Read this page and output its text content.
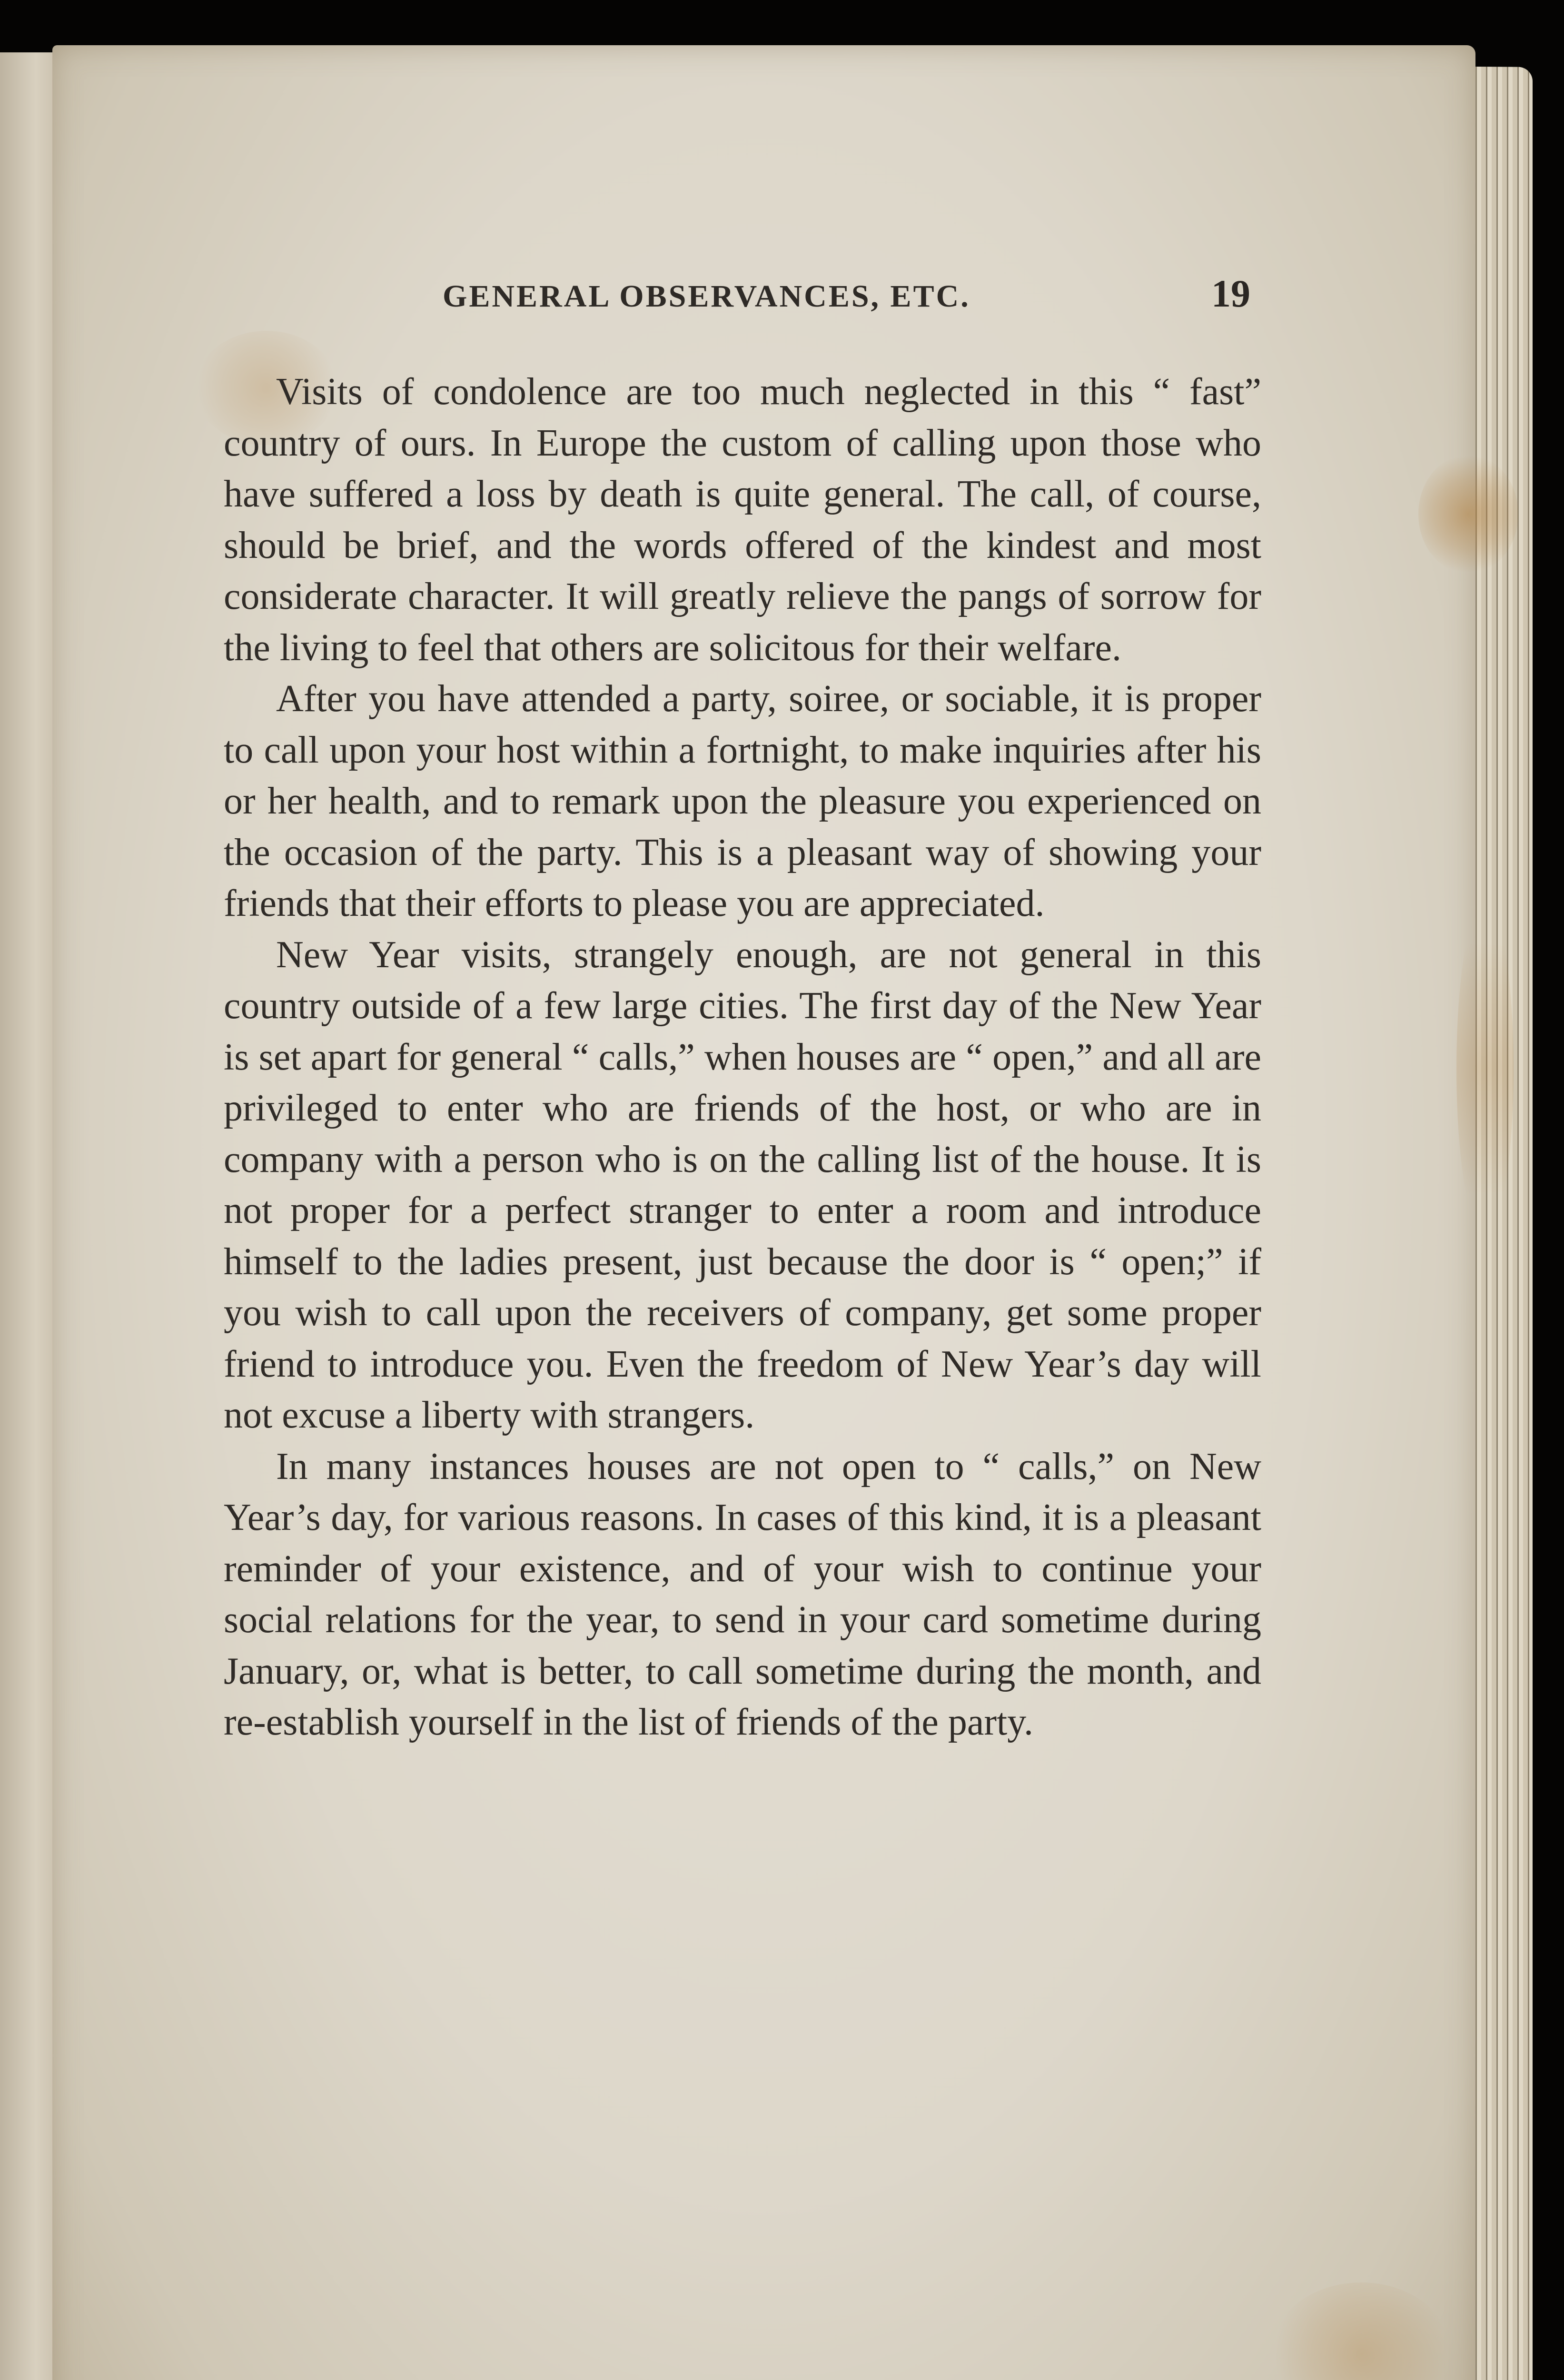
GENERAL OBSERVANCES, ETC.	19

Visits of condolence are too much neglected in this “ fast” country of ours. In Europe the custom of calling upon those who have suffered a loss by death is quite general. The call, of course, should be brief, and the words offered of the kindest and most considerate character. It will greatly relieve the pangs of sorrow for the living to feel that others are solicitous for their welfare.

After you have attended a party, soiree, or sociable, it is proper to call upon your host within a fortnight, to make inquiries after his or her health, and to remark upon the pleasure you experienced on the occasion of the party. This is a pleasant way of showing your friends that their efforts to please you are appreciated.

New Year visits, strangely enough, are not general in this country outside of a few large cities. The first day of the New Year is set apart for general “ calls,” when houses are “ open,” and all are privileged to enter who are friends of the host, or who are in company with a person who is on the calling list of the house. It is not proper for a perfect stranger to enter a room and introduce himself to the ladies present, just because the door is “ open;” if you wish to call upon the receivers of company, get some proper friend to introduce you. Even the freedom of New Year’s day will not excuse a liberty with strangers.

In many instances houses are not open to “ calls,” on New Year’s day, for various reasons. In cases of this kind, it is a pleasant reminder of your existence, and of your wish to continue your social relations for the year, to send in your card sometime during January, or, what is better, to call sometime during the month, and re-establish yourself in the list of friends of the party.
